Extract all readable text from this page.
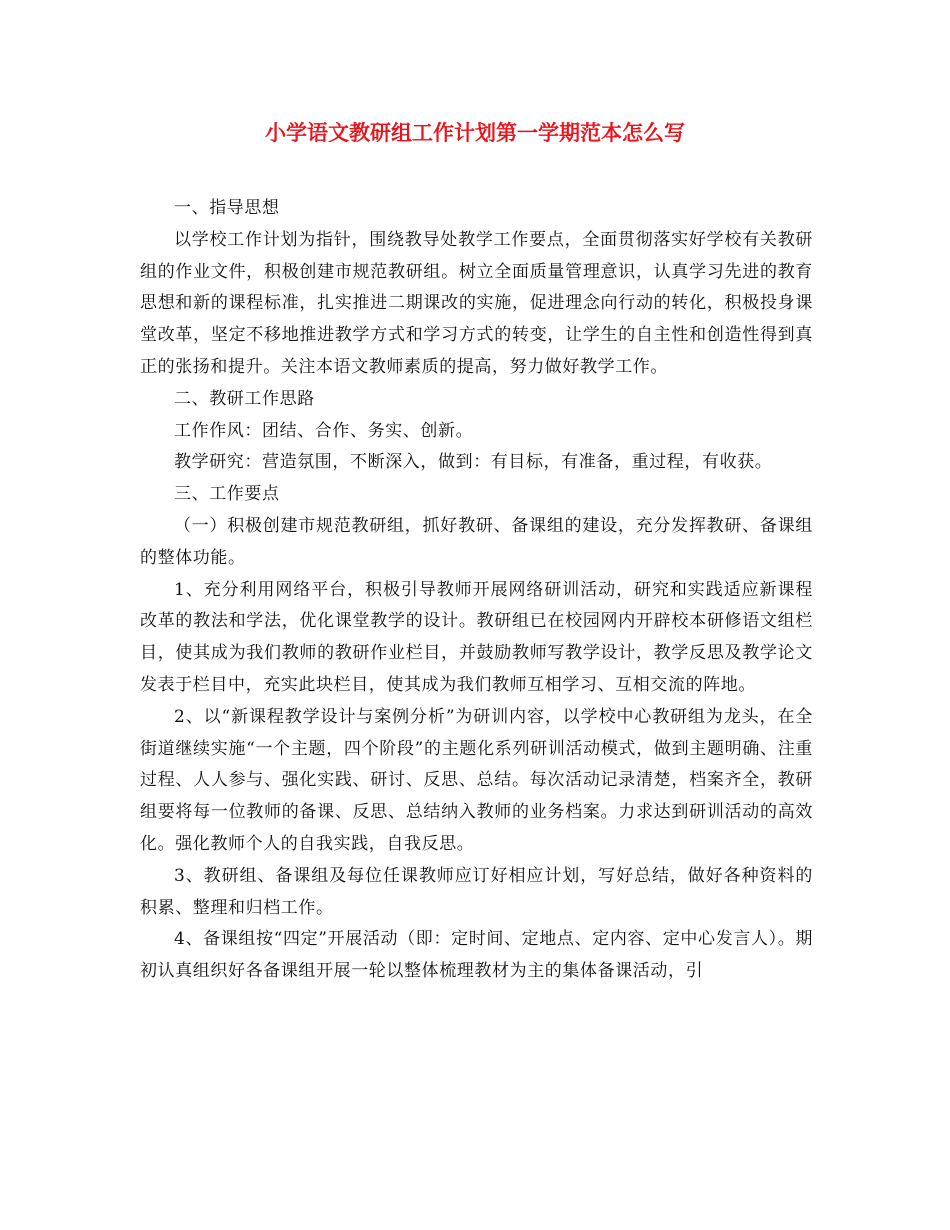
小学语文教研组工作计划第一学期范本怎么写

一、指导思想

以学校工作计划为指针，围绕教导处教学工作要点，全面贯彻落实好学校有关教研组的作业文件，积极创建市规范教研组。树立全面质量管理意识，认真学习先进的教育思想和新的课程标准，扎实推进二期课改的实施，促进理念向行动的转化，积极投身课堂改革，坚定不移地推进教学方式和学习方式的转变，让学生的自主性和创造性得到真正的张扬和提升。关注本语文教师素质的提高，努力做好教学工作。

二、教研工作思路

工作作风：团结、合作、务实、创新。

教学研究：营造氛围，不断深入，做到：有目标，有准备，重过程，有收获。

三、工作要点

（一）积极创建市规范教研组，抓好教研、备课组的建设，充分发挥教研、备课组的整体功能。

1、充分利用网络平台，积极引导教师开展网络研训活动，研究和实践适应新课程改革的教法和学法，优化课堂教学的设计。教研组已在校园网内开辟校本研修语文组栏目，使其成为我们教师的教研作业栏目，并鼓励教师写教学设计，教学反思及教学论文发表于栏目中，充实此块栏目，使其成为我们教师互相学习、互相交流的阵地。

2、以“新课程教学设计与案例分析”为研训内容，以学校中心教研组为龙头，在全街道继续实施“一个主题，四个阶段”的主题化系列研训活动模式，做到主题明确、注重过程、人人参与、强化实践、研讨、反思、总结。每次活动记录清楚，档案齐全，教研组要将每一位教师的备课、反思、总结纳入教师的业务档案。力求达到研训活动的高效化。强化教师个人的自我实践，自我反思。

3、教研组、备课组及每位任课教师应订好相应计划，写好总结，做好各种资料的积累、整理和归档工作。

4、备课组按“四定”开展活动（即：定时间、定地点、定内容、定中心发言人）。期初认真组织好各备课组开展一轮以整体梳理教材为主的集体备课活动，引
